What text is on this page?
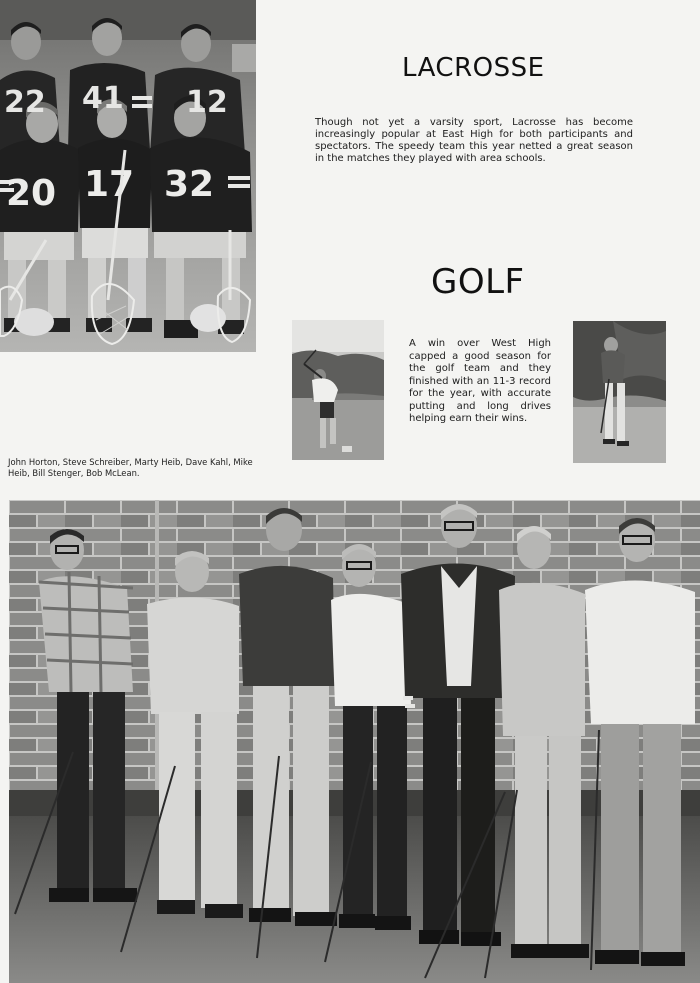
22 41 12
20 17 32
LACROSSE

Though not yet a varsity sport, Lacrosse has become increasingly popular at East High for both participants and spectators. The speedy team this year netted a great season in the matches they played with area schools.

GOLF

A win over West High capped a good season for the golf team and they finished with an 11-3 record for the year, with accurate putting and long drives helping earn their wins.

John Horton, Steve Schreiber, Marty Heib, Dave Kahl, Mike Heib, Bill Stenger, Bob McLean.
